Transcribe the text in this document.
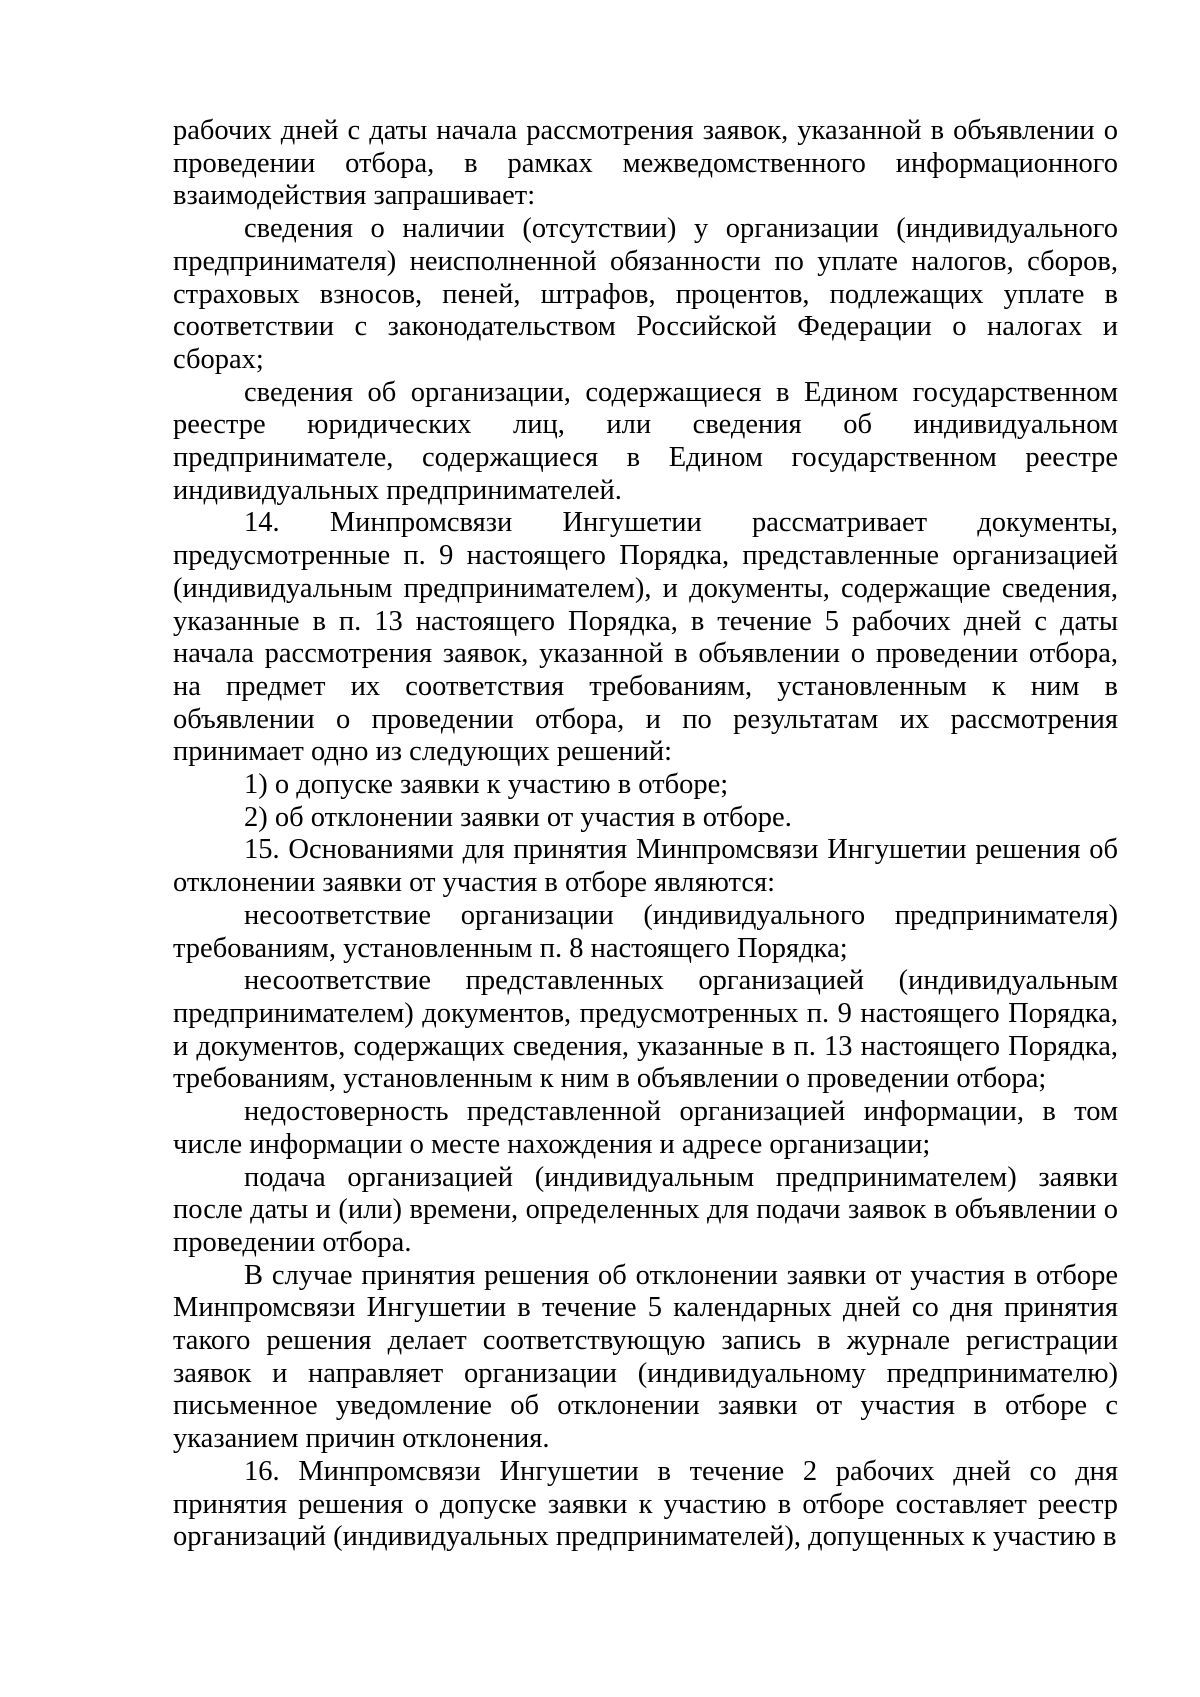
рабочих дней с даты начала рассмотрения заявок, указанной в объявлении о проведении отбора, в рамках межведомственного информационного взаимодействия запрашивает:

сведения о наличии (отсутствии) у организации (индивидуального предпринимателя) неисполненной обязанности по уплате налогов, сборов, страховых взносов, пеней, штрафов, процентов, подлежащих уплате в соответствии с законодательством Российской Федерации о налогах и сборах;

сведения об организации, содержащиеся в Едином государственном реестре юридических лиц, или сведения об индивидуальном предпринимателе, содержащиеся в Едином государственном реестре индивидуальных предпринимателей.

14. Минпромсвязи Ингушетии рассматривает документы, предусмотренные п. 9 настоящего Порядка, представленные организацией (индивидуальным предпринимателем), и документы, содержащие сведения, указанные в п. 13 настоящего Порядка, в течение 5 рабочих дней с даты начала рассмотрения заявок, указанной в объявлении о проведении отбора, на предмет их соответствия требованиям, установленным к ним в объявлении о проведении отбора, и по результатам их рассмотрения принимает одно из следующих решений:

1) о допуске заявки к участию в отборе;

2) об отклонении заявки от участия в отборе.

15. Основаниями для принятия Минпромсвязи Ингушетии решения об отклонении заявки от участия в отборе являются:

несоответствие организации (индивидуального предпринимателя) требованиям, установленным п. 8 настоящего Порядка;

несоответствие представленных организацией (индивидуальным предпринимателем) документов, предусмотренных п. 9 настоящего Порядка, и документов, содержащих сведения, указанные в п. 13 настоящего Порядка, требованиям, установленным к ним в объявлении о проведении отбора;

недостоверность представленной организацией информации, в том числе информации о месте нахождения и адресе организации;

подача организацией (индивидуальным предпринимателем) заявки после даты и (или) времени, определенных для подачи заявок в объявлении о проведении отбора.

В случае принятия решения об отклонении заявки от участия в отборе Минпромсвязи Ингушетии в течение 5 календарных дней со дня принятия такого решения делает соответствующую запись в журнале регистрации заявок и направляет организации (индивидуальному предпринимателю) письменное уведомление об отклонении заявки от участия в отборе с указанием причин отклонения.

16. Минпромсвязи Ингушетии в течение 2 рабочих дней со дня принятия решения о допуске заявки к участию в отборе составляет реестр организаций (индивидуальных предпринимателей), допущенных к участию в
